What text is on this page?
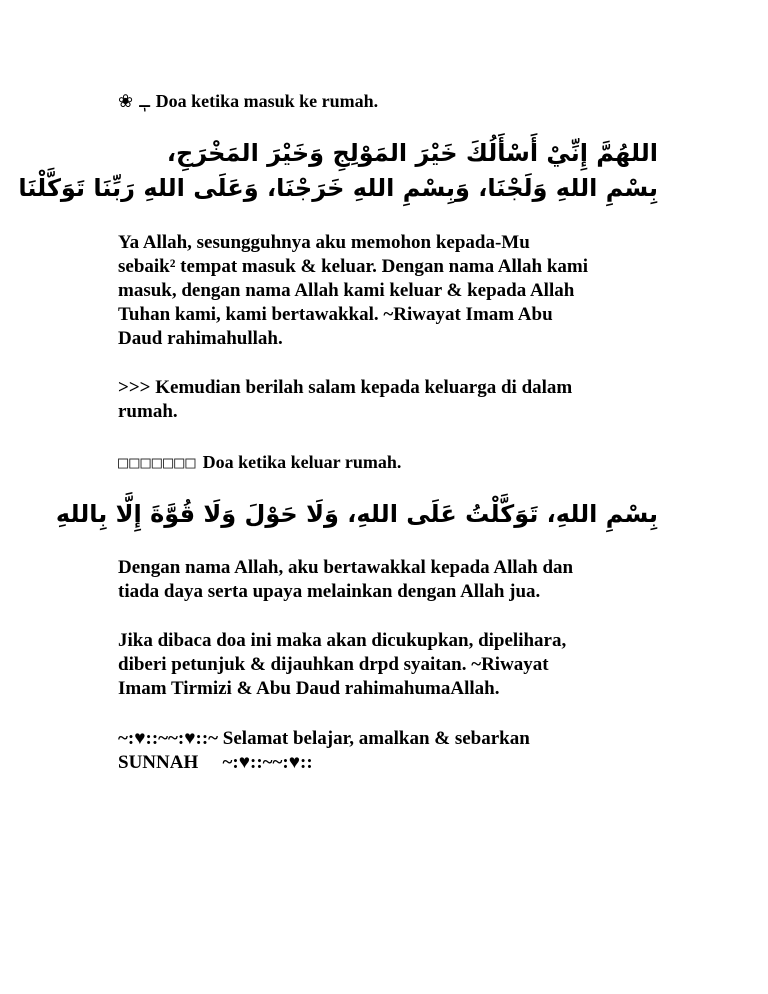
❀ ـ‍ٖ Doa ketika masuk ke rumah.
اللهُمَّ إِنِّيْ أَسْأَلُكَ خَيْرَ المَوْلِجِ وَخَيْرَ المَخْرَجِ،
بِسْمِ اللهِ وَلَجْنَا، وَبِسْمِ اللهِ خَرَجْنَا، وَعَلَى اللهِ رَبِّنَا تَوَكَّلْنَا
Ya Allah, sesungguhnya aku memohon kepada-Mu
sebaik² tempat masuk & keluar. Dengan nama Allah kami
masuk, dengan nama Allah kami keluar & kepada Allah
Tuhan kami, kami bertawakkal. ~Riwayat Imam Abu
Daud rahimahullah.
>>> Kemudian berilah salam kepada keluarga di dalam
rumah.
□□□□□□□ Doa ketika keluar rumah.
بِسْمِ اللهِ، تَوَكَّلْتُ عَلَى اللهِ، وَلَا حَوْلَ وَلَا قُوَّةَ إِلَّا بِاللهِ
Dengan nama Allah, aku bertawakkal kepada Allah dan
tiada daya serta upaya melainkan dengan Allah jua.
Jika dibaca doa ini maka akan dicukupkan, dipelihara,
diberi petunjuk & dijauhkan drpd syaitan. ~Riwayat
Imam Tirmizi & Abu Daud rahimahumaAllah.
~:♥::~~:♥::~ Selamat belajar, amalkan & sebarkan
SUNNAH ٰ ~:♥::~~:♥::
